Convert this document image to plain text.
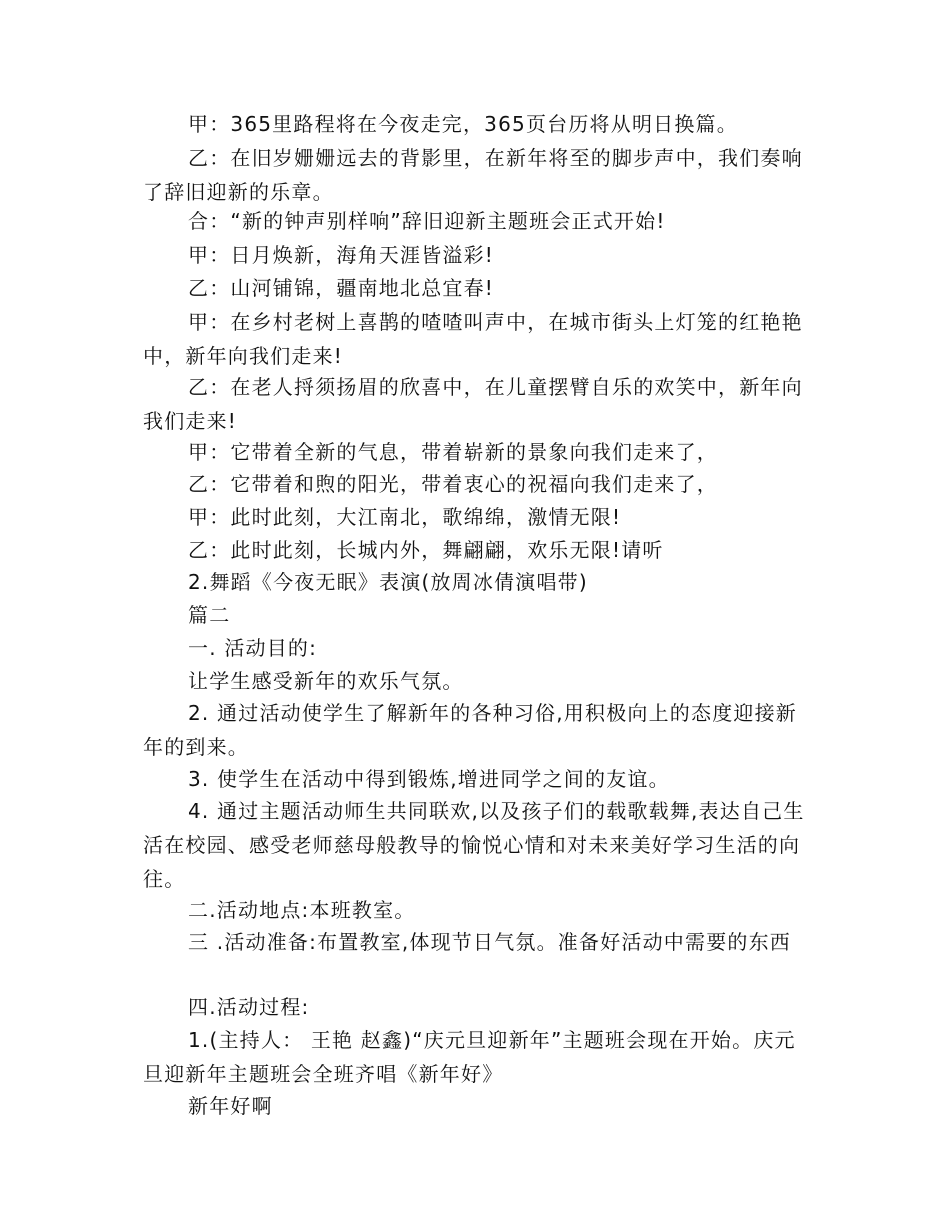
甲：365里路程将在今夜走完，365页台历将从明日换篇。

乙：在旧岁姗姗远去的背影里，在新年将至的脚步声中，我们奏响了辞旧迎新的乐章。

合：“新的钟声别样响”辞旧迎新主题班会正式开始!

甲：日月焕新，海角天涯皆溢彩!

乙：山河铺锦，疆南地北总宜春!

甲：在乡村老树上喜鹊的喳喳叫声中，在城市街头上灯笼的红艳艳中，新年向我们走来!

乙：在老人捋须扬眉的欣喜中，在儿童摆臂自乐的欢笑中，新年向我们走来!

甲：它带着全新的气息，带着崭新的景象向我们走来了，

乙：它带着和煦的阳光，带着衷心的祝福向我们走来了，

甲：此时此刻，大江南北，歌绵绵，激情无限!

乙：此时此刻，长城内外，舞翩翩，欢乐无限!请听

2.舞蹈《今夜无眠》表演(放周冰倩演唱带)

篇二

一. 活动目的:

让学生感受新年的欢乐气氛。

2. 通过活动使学生了解新年的各种习俗,用积极向上的态度迎接新年的到来。

3. 使学生在活动中得到锻炼,增进同学之间的友谊。

4. 通过主题活动师生共同联欢,以及孩子们的载歌载舞,表达自己生活在校园、感受老师慈母般教导的愉悦心情和对未来美好学习生活的向往。

二.活动地点:本班教室。

三 .活动准备:布置教室,体现节日气氛。准备好活动中需要的东西

四.活动过程:

1.(主持人： 王艳 赵鑫)“庆元旦迎新年”主题班会现在开始。庆元旦迎新年主题班会全班齐唱《新年好》

新年好啊
